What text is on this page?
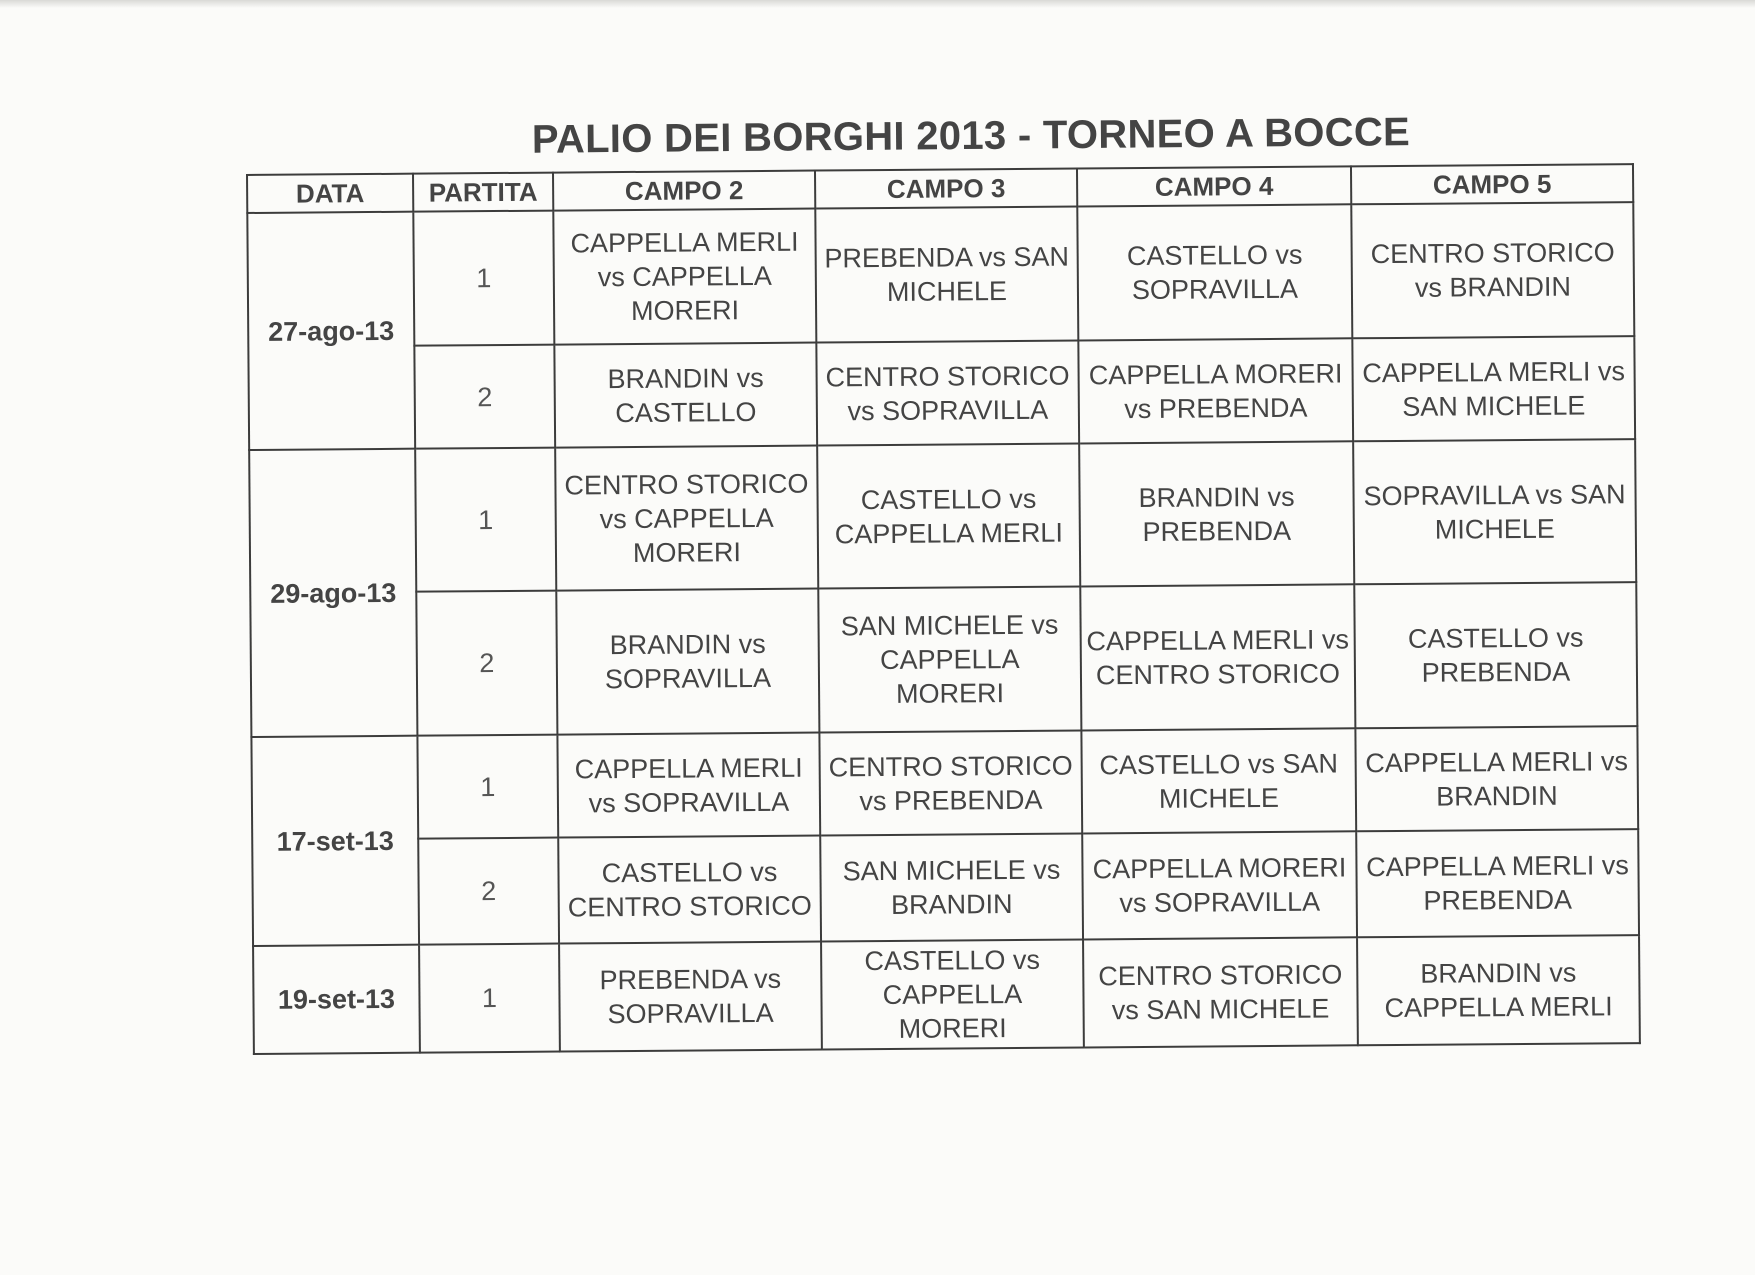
PALIO DEI BORGHI 2013 - TORNEO A BOCCE
DATA	PARTITA	CAMPO 2	CAMPO 3	CAMPO 4	CAMPO 5
27-ago-13	1	CAPPELLA MERLI vs CAPPELLA MORERI	PREBENDA vs SAN MICHELE	CASTELLO vs SOPRAVILLA	CENTRO STORICO vs BRANDIN
	2	BRANDIN vs CASTELLO	CENTRO STORICO vs SOPRAVILLA	CAPPELLA MORERI vs PREBENDA	CAPPELLA MERLI vs SAN MICHELE
29-ago-13	1	CENTRO STORICO vs CAPPELLA MORERI	CASTELLO vs CAPPELLA MERLI	BRANDIN vs PREBENDA	SOPRAVILLA vs SAN MICHELE
	2	BRANDIN vs SOPRAVILLA	SAN MICHELE vs CAPPELLA MORERI	CAPPELLA MERLI vs CENTRO STORICO	CASTELLO vs PREBENDA
17-set-13	1	CAPPELLA MERLI vs SOPRAVILLA	CENTRO STORICO vs PREBENDA	CASTELLO vs SAN MICHELE	CAPPELLA MERLI vs BRANDIN
	2	CASTELLO vs CENTRO STORICO	SAN MICHELE vs BRANDIN	CAPPELLA MORERI vs SOPRAVILLA	CAPPELLA MERLI vs PREBENDA
19-set-13	1	PREBENDA vs SOPRAVILLA	CASTELLO vs CAPPELLA MORERI	CENTRO STORICO vs SAN MICHELE	BRANDIN vs CAPPELLA MERLI
